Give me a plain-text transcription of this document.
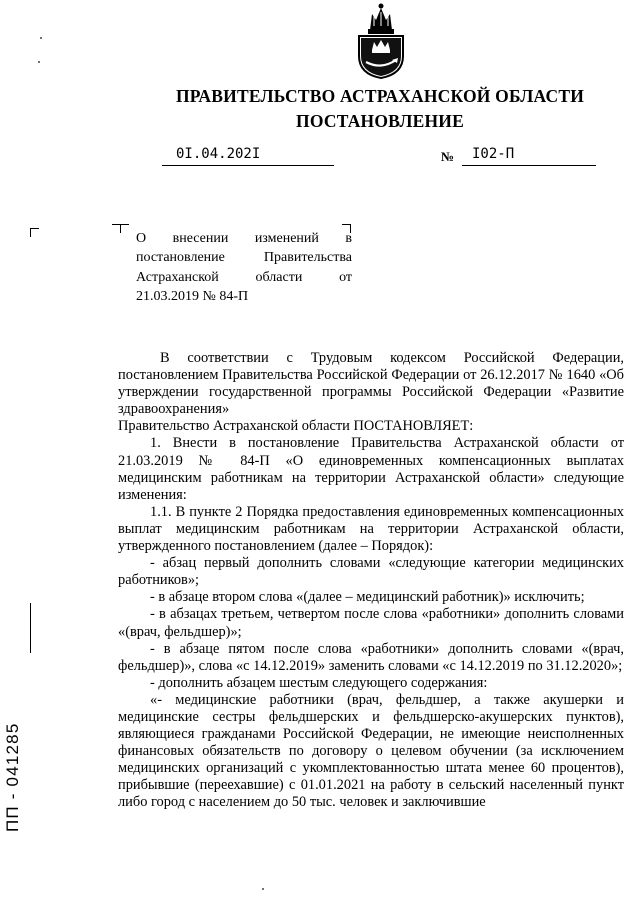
ПРАВИТЕЛЬСТВО АСТРАХАНСКОЙ ОБЛАСТИ
ПОСТАНОВЛЕНИЕ
0I.04.202I	№ I02-П
О внесении изменений в постановление Правительства Астраханской области от 21.03.2019 № 84-П

В соответствии с Трудовым кодексом Российской Федерации, постановлением Правительства Российской Федерации от 26.12.2017 № 1640 «Об утверждении государственной программы Российской Федерации «Развитие здравоохранения»

Правительство Астраханской области ПОСТАНОВЛЯЕТ:

1. Внести в постановление Правительства Астраханской области от 21.03.2019 № 84-П «О единовременных компенсационных выплатах медицинским работникам на территории Астраханской области» следующие изменения:

1.1. В пункте 2 Порядка предоставления единовременных компенсационных выплат медицинским работникам на территории Астраханской области, утвержденного постановлением (далее – Порядок):

- абзац первый дополнить словами «следующие категории медицинских работников»;

- в абзаце втором слова «(далее – медицинский работник)» исключить;

- в абзацах третьем, четвертом после слова «работники» дополнить словами «(врач, фельдшер)»;

- в абзаце пятом после слова «работники» дополнить словами «(врач, фельдшер)», слова «с 14.12.2019» заменить словами «с 14.12.2019 по 31.12.2020»;

- дополнить абзацем шестым следующего содержания:

«- медицинские работники (врач, фельдшер, а также акушерки и медицинские сестры фельдшерских и фельдшерско-акушерских пунктов), являющиеся гражданами Российской Федерации, не имеющие неисполненных финансовых обязательств по договору о целевом обучении (за исключением медицинских организаций с укомплектованностью штата менее 60 процентов), прибывшие (переехавшие) с 01.01.2021 на работу в сельский населенный пункт либо город с населением до 50 тыс. человек и заключившие

ПП - 041285
